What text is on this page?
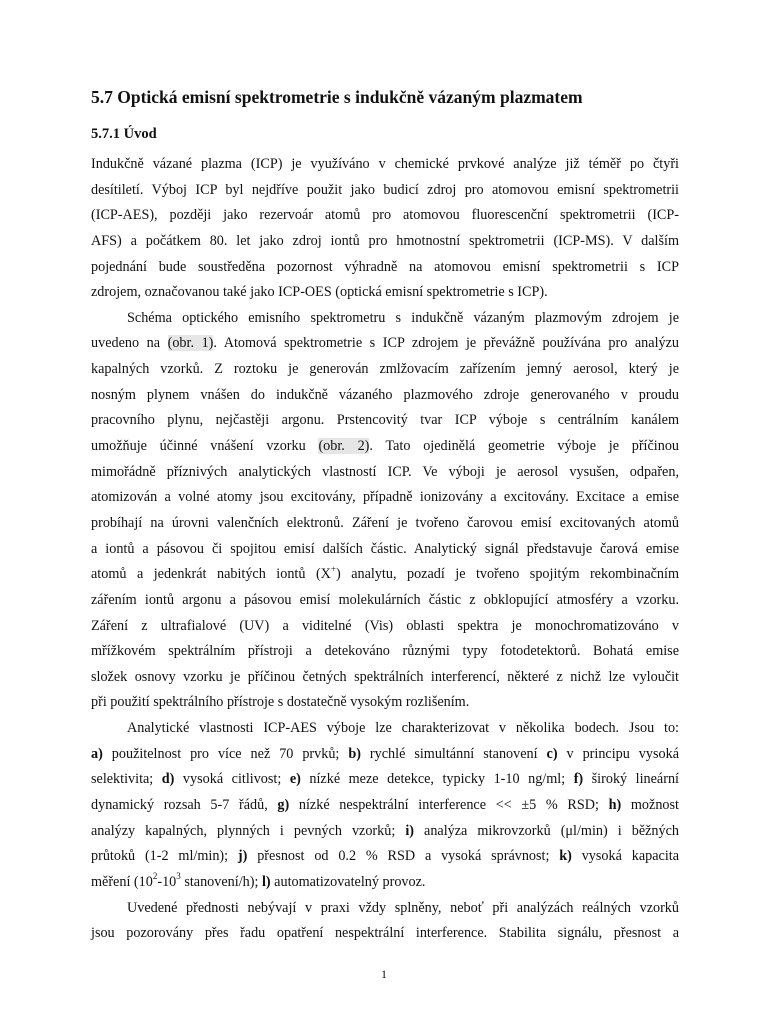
5.7 Optická emisní spektrometrie s indukčně vázaným plazmatem
5.7.1 Úvod
Indukčně vázané plazma (ICP) je využíváno v chemické prvkové analýze již téměř po čtyři
desítiletí. Výboj ICP byl nejdříve použit jako budicí zdroj pro atomovou emisní spektrometrii
(ICP-AES), později jako rezervoár atomů pro atomovou fluorescenční spektrometrii (ICP-
AFS) a počátkem 80. let jako zdroj iontů pro hmotnostní spektrometrii (ICP-MS). V dalším
pojednání bude soustředěna pozornost výhradně na atomovou emisní spektrometrii s ICP
zdrojem, označovanou také jako ICP-OES (optická emisní spektrometrie s ICP).
Schéma optického emisního spektrometru s indukčně vázaným plazmovým zdrojem je
uvedeno na (obr. 1). Atomová spektrometrie s ICP zdrojem je převážně používána pro analýzu
kapalných vzorků. Z roztoku je generován zmlžovacím zařízením jemný aerosol, který je
nosným plynem vnášen do indukčně vázaného plazmového zdroje generovaného v proudu
pracovního plynu, nejčastěji argonu. Prstencovitý tvar ICP výboje s centrálním kanálem
umožňuje účinné vnášení vzorku (obr. 2). Tato ojedinělá geometrie výboje je příčinou
mimořádně příznivých analytických vlastností ICP. Ve výboji je aerosol vysušen, odpařen,
atomizován a volné atomy jsou excitovány, případně ionizovány a excitovány. Excitace a emise
probíhají na úrovni valenčních elektronů. Záření je tvořeno čarovou emisí excitovaných atomů
a iontů a pásovou či spojitou emisí dalších částic. Analytický signál představuje čarová emise
atomů a jedenkrát nabitých iontů (X+) analytu, pozadí je tvořeno spojitým rekombinačním
zářením iontů argonu a pásovou emisí molekulárních částic z obklopující atmosféry a vzorku.
Záření z ultrafialové (UV) a viditelné (Vis) oblasti spektra je monochromatizováno v
mřížkovém spektrálním přístroji a detekováno různými typy fotodetektorů. Bohatá emise
složek osnovy vzorku je příčinou četných spektrálních interferencí, některé z nichž lze vyloučit
při použití spektrálního přístroje s dostatečně vysokým rozlišením.
Analytické vlastnosti ICP-AES výboje lze charakterizovat v několika bodech. Jsou to:
a) použitelnost pro více než 70 prvků; b) rychlé simultánní stanovení c) v principu vysoká
selektivita; d) vysoká citlivost; e) nízké meze detekce, typicky 1-10 ng/ml; f) široký lineární
dynamický rozsah 5-7 řádů, g) nízké nespektrální interference << ±5 % RSD; h) možnost
analýzy kapalných, plynných i pevných vzorků; i) analýza mikrovzorků (μl/min) i běžných
průtoků (1-2 ml/min); j) přesnost od 0.2 % RSD a vysoká správnost; k) vysoká kapacita
měření ($10^2-10^3$ stanovení/h); l) automatizovatelný provoz.
Uvedené přednosti nebývají v praxi vždy splněny, neboť při analýzách reálných vzorků
jsou pozorovány přes řadu opatření nespektrální interference. Stabilita signálu, přesnost a
1
